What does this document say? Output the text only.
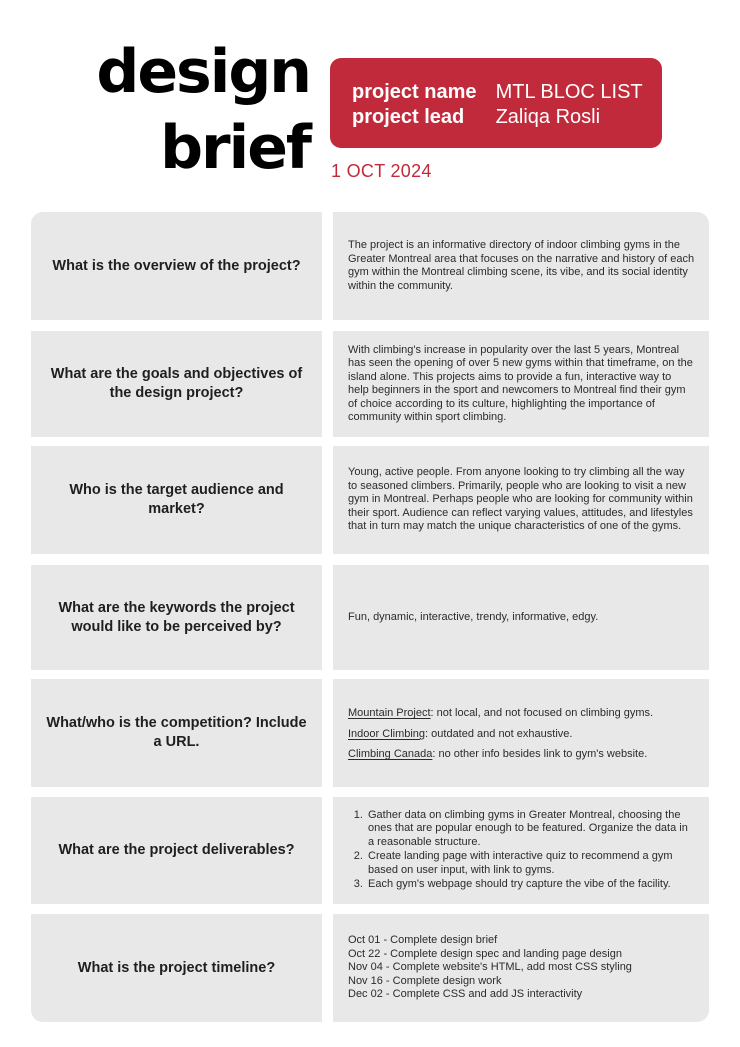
design
brief
project name MTL BLOC LIST
project lead Zaliqa Rosli
1 OCT 2024
What is the overview of the project?
The project is an informative directory of indoor climbing gyms in the Greater Montreal area that focuses on the narrative and history of each gym within the Montreal climbing scene, its vibe, and its social identity within the community.
What are the goals and objectives of the design project?
With climbing's increase in popularity over the last 5 years, Montreal has seen the opening of over 5 new gyms within that timeframe, on the island alone. This projects aims to provide a fun, interactive way to help beginners in the sport and newcomers to Montreal find their gym of choice according to its culture, highlighting the importance of community within sport climbing.
Who is the target audience and market?
Young, active people. From anyone looking to try climbing all the way to seasoned climbers. Primarily, people who are looking to visit a new gym in Montreal. Perhaps people who are looking for community within their sport. Audience can reflect varying values, attitudes, and lifestyles that in turn may match the unique characteristics of one of the gyms.
What are the keywords the project would like to be perceived by?
Fun, dynamic, interactive, trendy, informative, edgy.
What/who is the competition? Include a URL.
Mountain Project: not local, and not focused on climbing gyms.
Indoor Climbing: outdated and not exhaustive.
Climbing Canada: no other info besides link to gym's website.
What are the project deliverables?
1. Gather data on climbing gyms in Greater Montreal, choosing the ones that are popular enough to be featured. Organize the data in a reasonable structure.
2. Create landing page with interactive quiz to recommend a gym based on user input, with link to gyms.
3. Each gym's webpage should try capture the vibe of the facility.
What is the project timeline?
Oct 01 - Complete design brief
Oct 22 - Complete design spec and landing page design
Nov 04 - Complete website's HTML, add most CSS styling
Nov 16 - Complete design work
Dec 02 - Complete CSS and add JS interactivity
